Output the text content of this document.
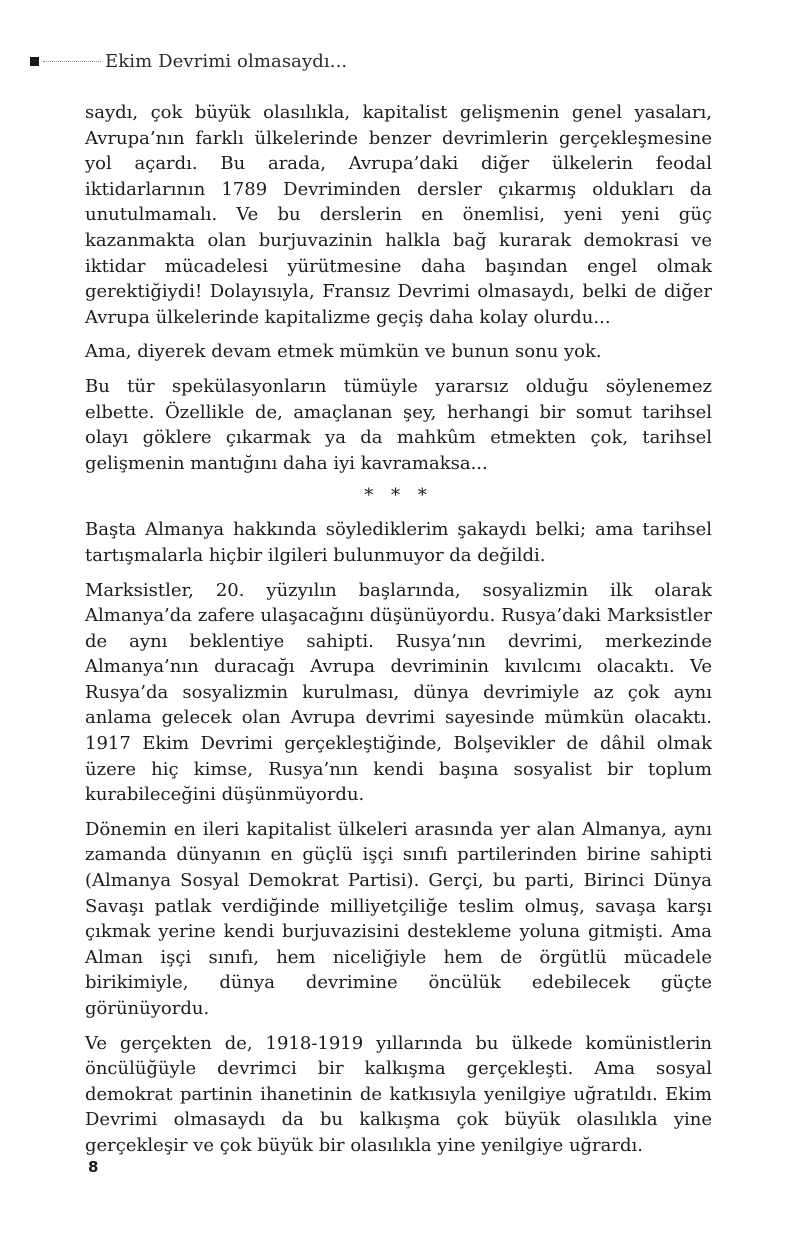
Ekim Devrimi olmasaydı...
saydı, çok büyük olasılıkla, kapitalist gelişmenin genel yasaları, Avrupa’nın farklı ülkelerinde benzer devrimlerin gerçekleşmesine yol açardı. Bu arada, Avrupa’daki diğer ülkelerin feodal iktidarlarının 1789 Devriminden dersler çıkarmış oldukları da unutulmamalı. Ve bu derslerin en önemlisi, yeni yeni güç kazanmakta olan burjuvazinin halkla bağ kurarak demokrasi ve iktidar mücadelesi yürütmesine daha başından engel olmak gerektiğiydi! Dolayısıyla, Fransız Devrimi olmasaydı, belki de diğer Avrupa ülkelerinde kapitalizme geçiş daha kolay olurdu...
Ama, diyerek devam etmek mümkün ve bunun sonu yok.
Bu tür spekülasyonların tümüyle yararsız olduğu söylenemez elbette. Özellikle de, amaçlanan şey, herhangi bir somut tarihsel olayı göklere çıkarmak ya da mahkûm etmekten çok, tarihsel gelişmenin mantığını daha iyi kavramaksa...
* * *
Başta Almanya hakkında söylediklerim şakaydı belki; ama tarihsel tartışmalarla hiçbir ilgileri bulunmuyor da değildi.
Marksistler, 20. yüzyılın başlarında, sosyalizmin ilk olarak Almanya’da zafere ulaşacağını düşünüyordu. Rusya’daki Marksistler de aynı beklentiye sahipti. Rusya’nın devrimi, merkezinde Almanya’nın duracağı Avrupa devriminin kıvılcımı olacaktı. Ve Rusya’da sosyalizmin kurulması, dünya devrimiyle az çok aynı anlama gelecek olan Avrupa devrimi sayesinde mümkün olacaktı. 1917 Ekim Devrimi gerçekleştiğinde, Bolşevikler de dâhil olmak üzere hiç kimse, Rusya’nın kendi başına sosyalist bir toplum kurabileceğini düşünmüyordu.
Dönemin en ileri kapitalist ülkeleri arasında yer alan Almanya, aynı zamanda dünyanın en güçlü işçi sınıfı partilerinden birine sahipti (Almanya Sosyal Demokrat Partisi). Gerçi, bu parti, Birinci Dünya Savaşı patlak verdiğinde milliyetçiliğe teslim olmuş, savaşa karşı çıkmak yerine kendi burjuvazisini destekleme yoluna gitmişti. Ama Alman işçi sınıfı, hem niceliğiyle hem de örgütlü mücadele birikimiyle, dünya devrimine öncülük edebilecek güçte görünüyordu.
Ve gerçekten de, 1918-1919 yıllarında bu ülkede komünistlerin öncülüğüyle devrimci bir kalkışma gerçekleşti. Ama sosyal demokrat partinin ihanetinin de katkısıyla yenilgiye uğratıldı. Ekim Devrimi olmasaydı da bu kalkışma çok büyük olasılıkla yine gerçekleşir ve çok büyük bir olasılıkla yine yenilgiye uğrardı.
8
